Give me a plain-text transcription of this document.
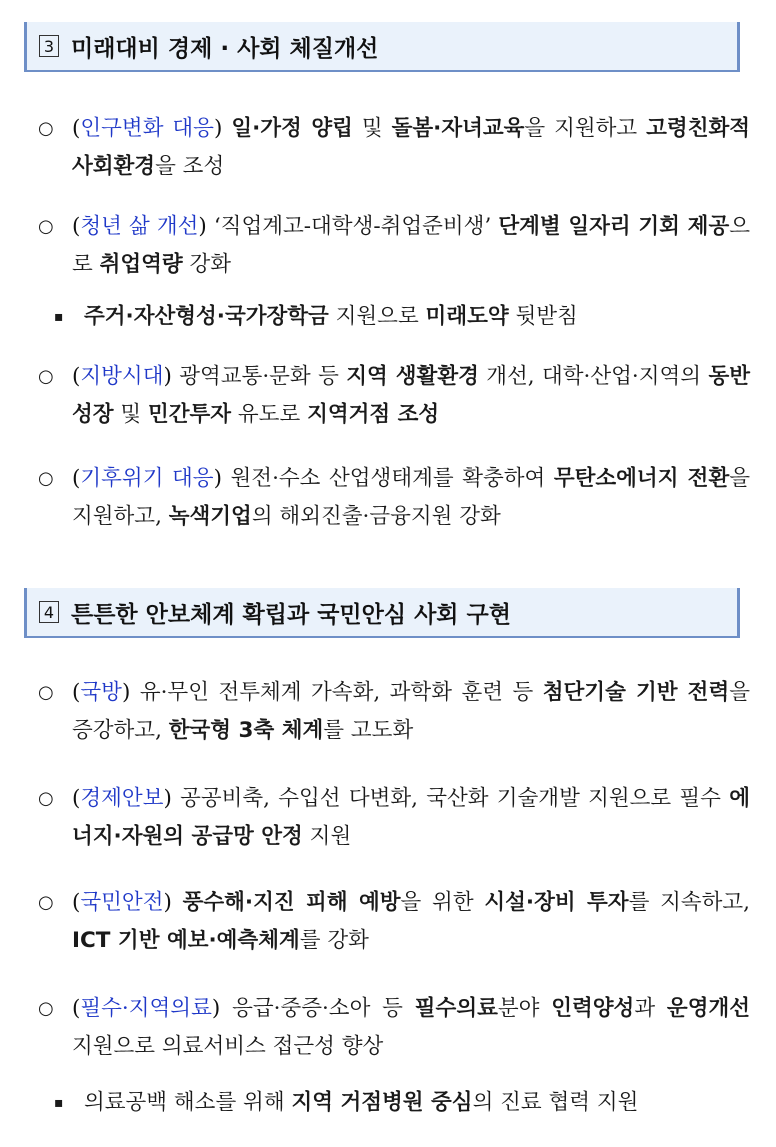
3 미래대비 경제 · 사회 체질개선
○ (인구변화 대응) 일·가정 양립 및 돌봄·자녀교육을 지원하고 고령친화적 사회환경을 조성
○ (청년 삶 개선) ‘직업계고-대학생-취업준비생’ 단계별 일자리 기회 제공으로 취업역량 강화
▪ 주거·자산형성·국가장학금 지원으로 미래도약 뒷받침
○ (지방시대) 광역교통·문화 등 지역 생활환경 개선, 대학·산업·지역의 동반성장 및 민간투자 유도로 지역거점 조성
○ (기후위기 대응) 원전·수소 산업생태계를 확충하여 무탄소에너지 전환을 지원하고, 녹색기업의 해외진출·금융지원 강화
4 튼튼한 안보체계 확립과 국민안심 사회 구현
○ (국방) 유·무인 전투체계 가속화, 과학화 훈련 등 첨단기술 기반 전력을 증강하고, 한국형 3축 체계를 고도화
○ (경제안보) 공공비축, 수입선 다변화, 국산화 기술개발 지원으로 필수 에너지·자원의 공급망 안정 지원
○ (국민안전) 풍수해·지진 피해 예방을 위한 시설·장비 투자를 지속하고, ICT 기반 예보·예측체계를 강화
○ (필수·지역의료) 응급·중증·소아 등 필수의료분야 인력양성과 운영개선 지원으로 의료서비스 접근성 향상
▪ 의료공백 해소를 위해 지역 거점병원 중심의 진료 협력 지원
